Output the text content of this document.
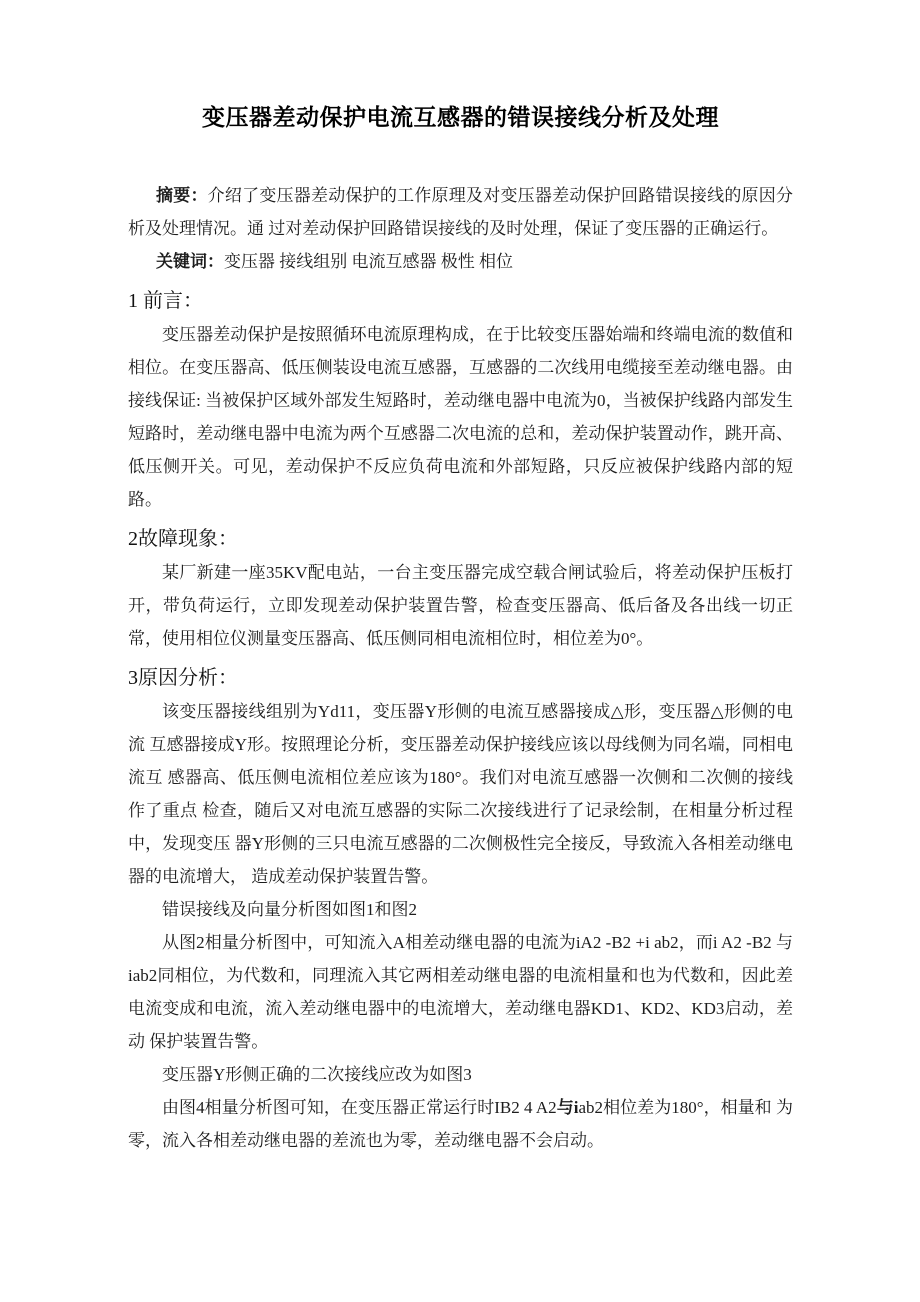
变压器差动保护电流互感器的错误接线分析及处理

摘要：介绍了变压器差动保护的工作原理及对变压器差动保护回路错误接线的原因分析及处理情况。通 过对差动保护回路错误接线的及时处理，保证了变压器的正确运行。

关键词：变压器 接线组别 电流互感器 极性 相位

1 前言：

变压器差动保护是按照循环电流原理构成，在于比较变压器始端和终端电流的数值和相位。在变压器高、低压侧装设电流互感器，互感器的二次线用电缆接至差动继电器。由接线保证: 当被保护区域外部发生短路时，差动继电器中电流为0，当被保护线路内部发生短路时，差动继电器中电流为两个互感器二次电流的总和，差动保护装置动作，跳开高、低压侧开关。可见，差动保护不反应负荷电流和外部短路，只反应被保护线路内部的短路。

2故障现象：

某厂新建一座35KV配电站，一台主变压器完成空载合闸试验后，将差动保护压板打开，带负荷运行，立即发现差动保护装置告警，检查变压器高、低后备及各出线一切正常，使用相位仪测量变压器高、低压侧同相电流相位时，相位差为0°。

3原因分析：

该变压器接线组别为Yd11，变压器Y形侧的电流互感器接成△形，变压器△形侧的电流 互感器接成Y形。按照理论分析，变压器差动保护接线应该以母线侧为同名端，同相电流互 感器高、低压侧电流相位差应该为180°。我们对电流互感器一次侧和二次侧的接线作了重点 检查，随后又对电流互感器的实际二次接线进行了记录绘制，在相量分析过程中，发现变压 器Y形侧的三只电流互感器的二次侧极性完全接反，导致流入各相差动继电器的电流增大， 造成差动保护装置告警。

错误接线及向量分析图如图1和图2

从图2相量分析图中，可知流入A相差动继电器的电流为iA2 -B2 +i ab2，而i A2 -B2 与iab2同相位，为代数和，同理流入其它两相差动继电器的电流相量和也为代数和，因此差 电流变成和电流，流入差动继电器中的电流增大，差动继电器KD1、KD2、KD3启动，差动 保护装置告警。

变压器Y形侧正确的二次接线应改为如图3

由图4相量分析图可知，在变压器正常运行时IB2 4 A2与iab2相位差为180°，相量和 为零，流入各相差动继电器的差流也为零，差动继电器不会启动。
